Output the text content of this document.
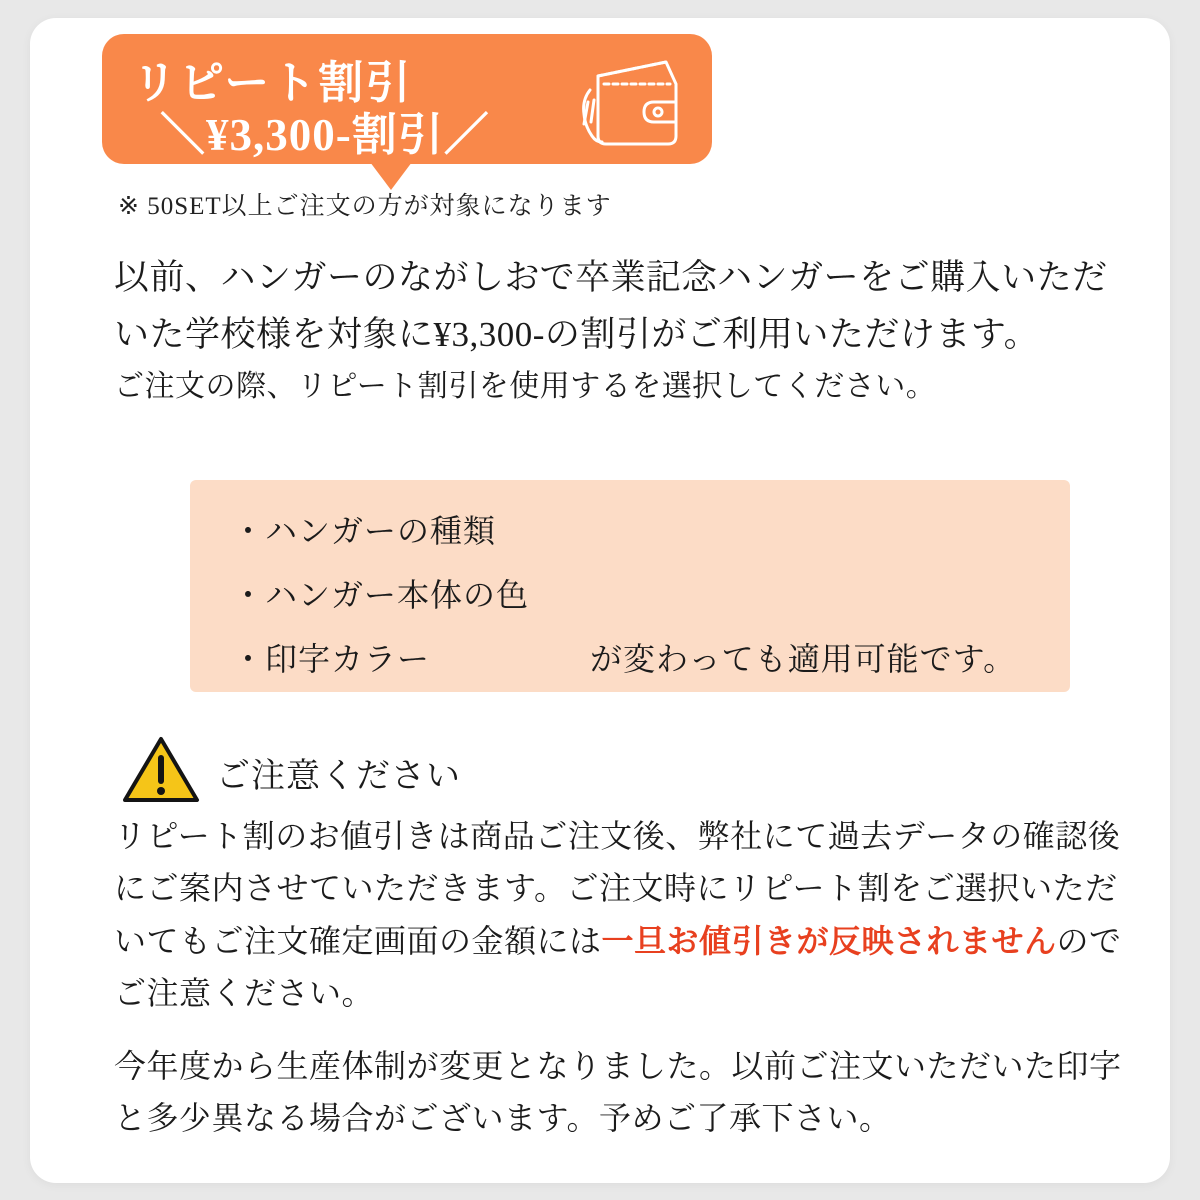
リピート割引
＼¥3,300-割引／
※ 50SET以上ご注文の方が対象になります
以前、ハンガーのながしおで卒業記念ハンガーをご購入いただ
いた学校様を対象に¥3,300-の割引がご利用いただけます。
ご注文の際、リピート割引を使用するを選択してください。
・ハンガーの種類
・ハンガー本体の色
・印字カラー	が変わっても適用可能です。
ご注意ください
リピート割のお値引きは商品ご注文後、弊社にて過去データの確認後にご案内させていただきます。ご注文時にリピート割をご選択いただいてもご注文確定画面の金額には一旦お値引きが反映されませんのでご注意ください。
今年度から生産体制が変更となりました。以前ご注文いただいた印字と多少異なる場合がございます。予めご了承下さい。
